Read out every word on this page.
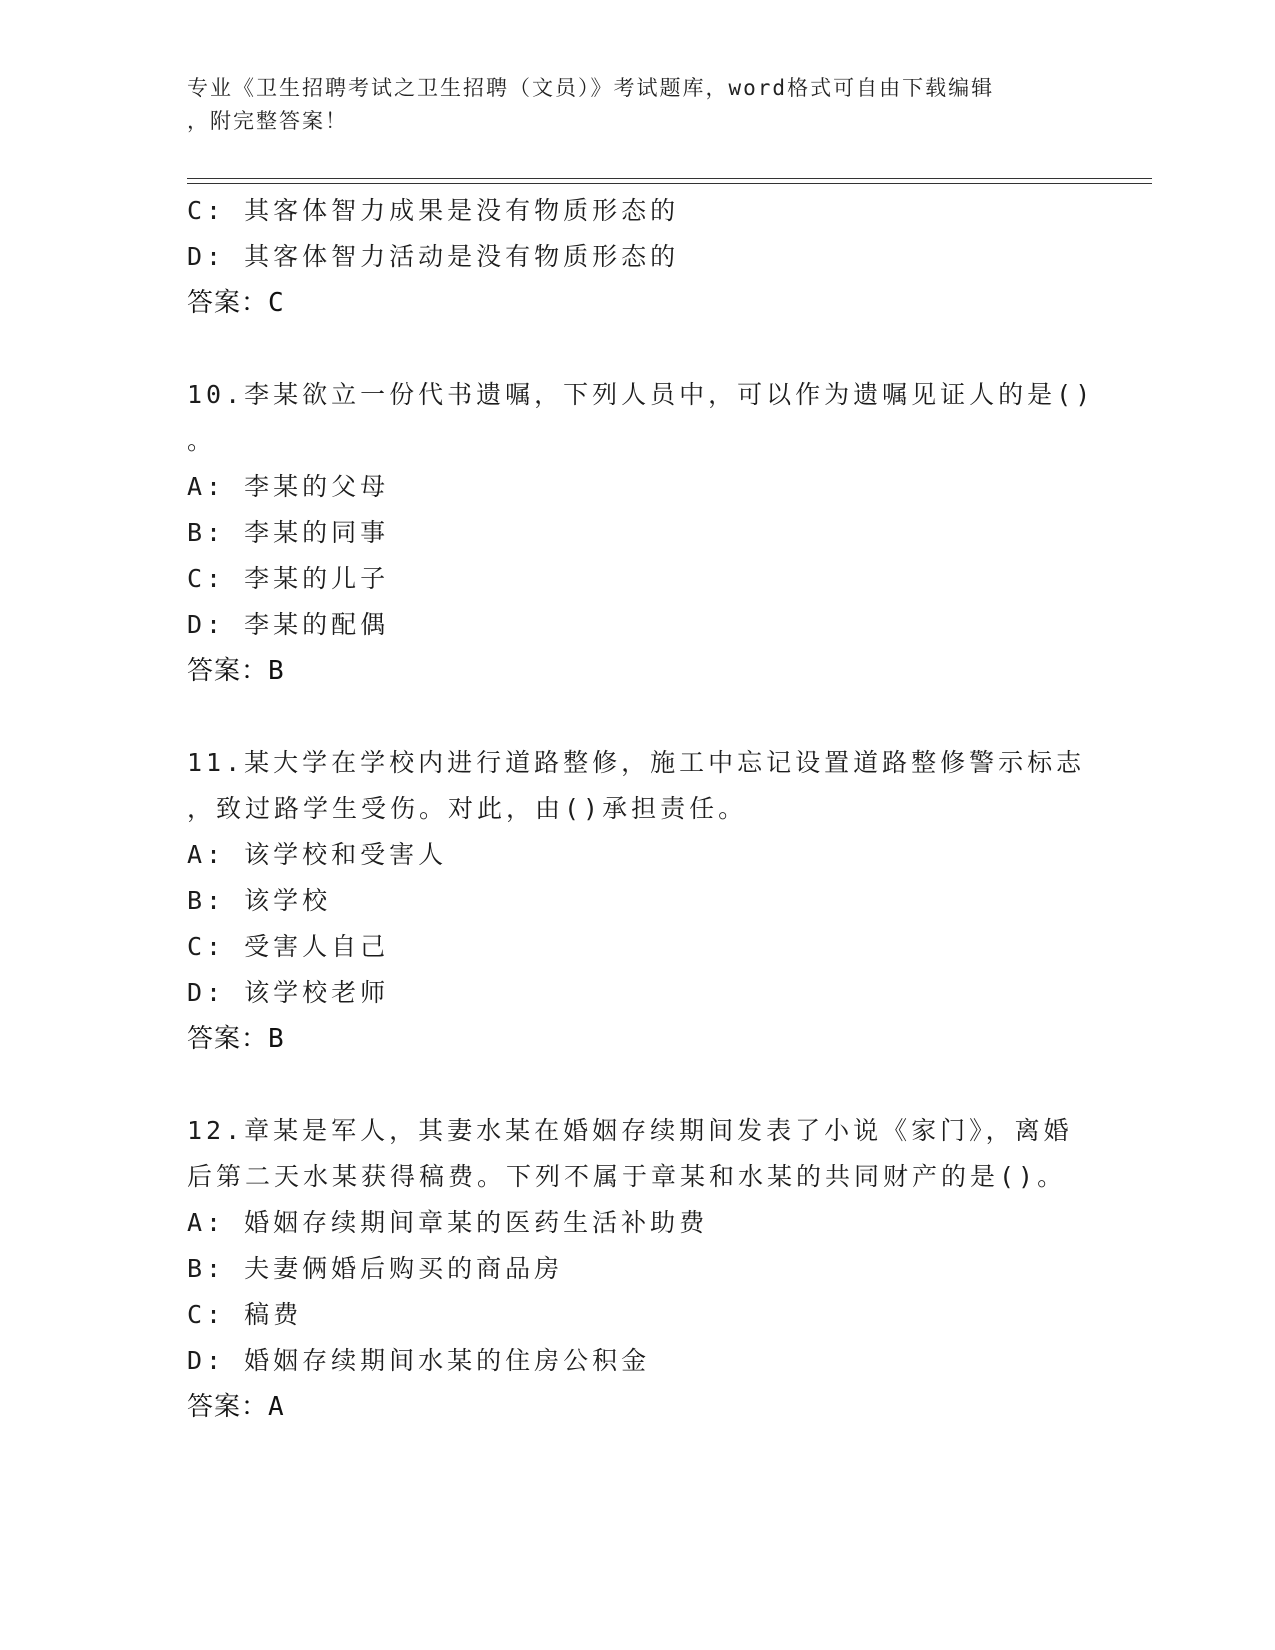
专业《卫生招聘考试之卫生招聘（文员）》考试题库，word格式可自由下载编辑
，附完整答案！
C: 其客体智力成果是没有物质形态的
D: 其客体智力活动是没有物质形态的
答案：C
10.李某欲立一份代书遗嘱，下列人员中，可以作为遗嘱见证人的是()
。
A: 李某的父母
B: 李某的同事
C: 李某的儿子
D: 李某的配偶
答案：B
11.某大学在学校内进行道路整修，施工中忘记设置道路整修警示标志
，致过路学生受伤。对此，由()承担责任。
A: 该学校和受害人
B: 该学校
C: 受害人自己
D: 该学校老师
答案：B
12.章某是军人，其妻水某在婚姻存续期间发表了小说《家门》，离婚
后第二天水某获得稿费。下列不属于章某和水某的共同财产的是()。
A: 婚姻存续期间章某的医药生活补助费
B: 夫妻俩婚后购买的商品房
C: 稿费
D: 婚姻存续期间水某的住房公积金
答案：A
